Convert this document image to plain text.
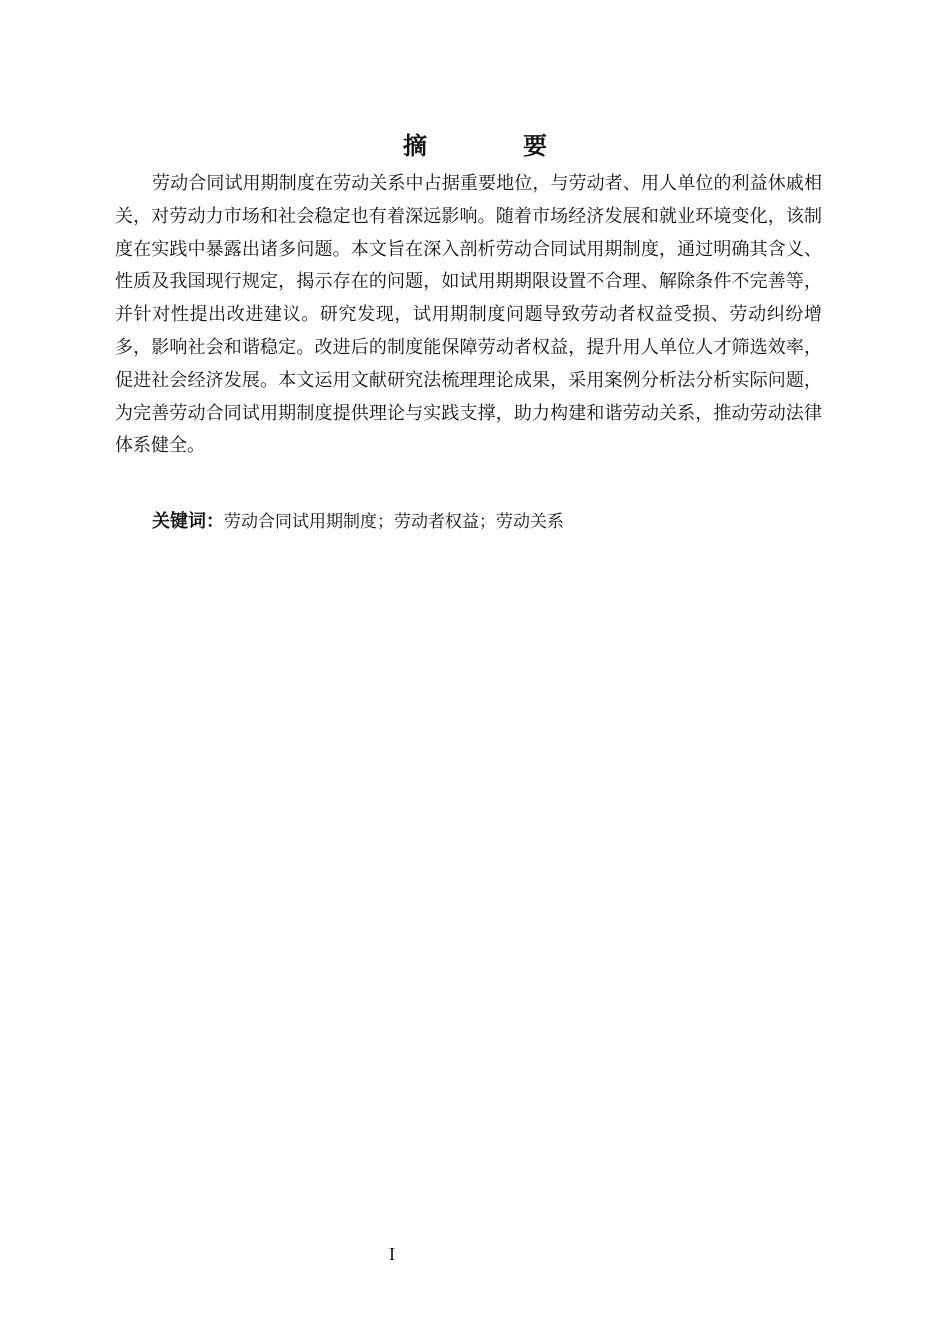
摘　要

劳动合同试用期制度在劳动关系中占据重要地位，与劳动者、用人单位的利益休戚相关，对劳动力市场和社会稳定也有着深远影响。随着市场经济发展和就业环境变化，该制度在实践中暴露出诸多问题。本文旨在深入剖析劳动合同试用期制度，通过明确其含义、性质及我国现行规定，揭示存在的问题，如试用期期限设置不合理、解除条件不完善等，并针对性提出改进建议。研究发现，试用期制度问题导致劳动者权益受损、劳动纠纷增多，影响社会和谐稳定。改进后的制度能保障劳动者权益，提升用人单位人才筛选效率，促进社会经济发展。本文运用文献研究法梳理理论成果，采用案例分析法分析实际问题，为完善劳动合同试用期制度提供理论与实践支撑，助力构建和谐劳动关系，推动劳动法律体系健全。

关键词：劳动合同试用期制度；劳动者权益；劳动关系

I
